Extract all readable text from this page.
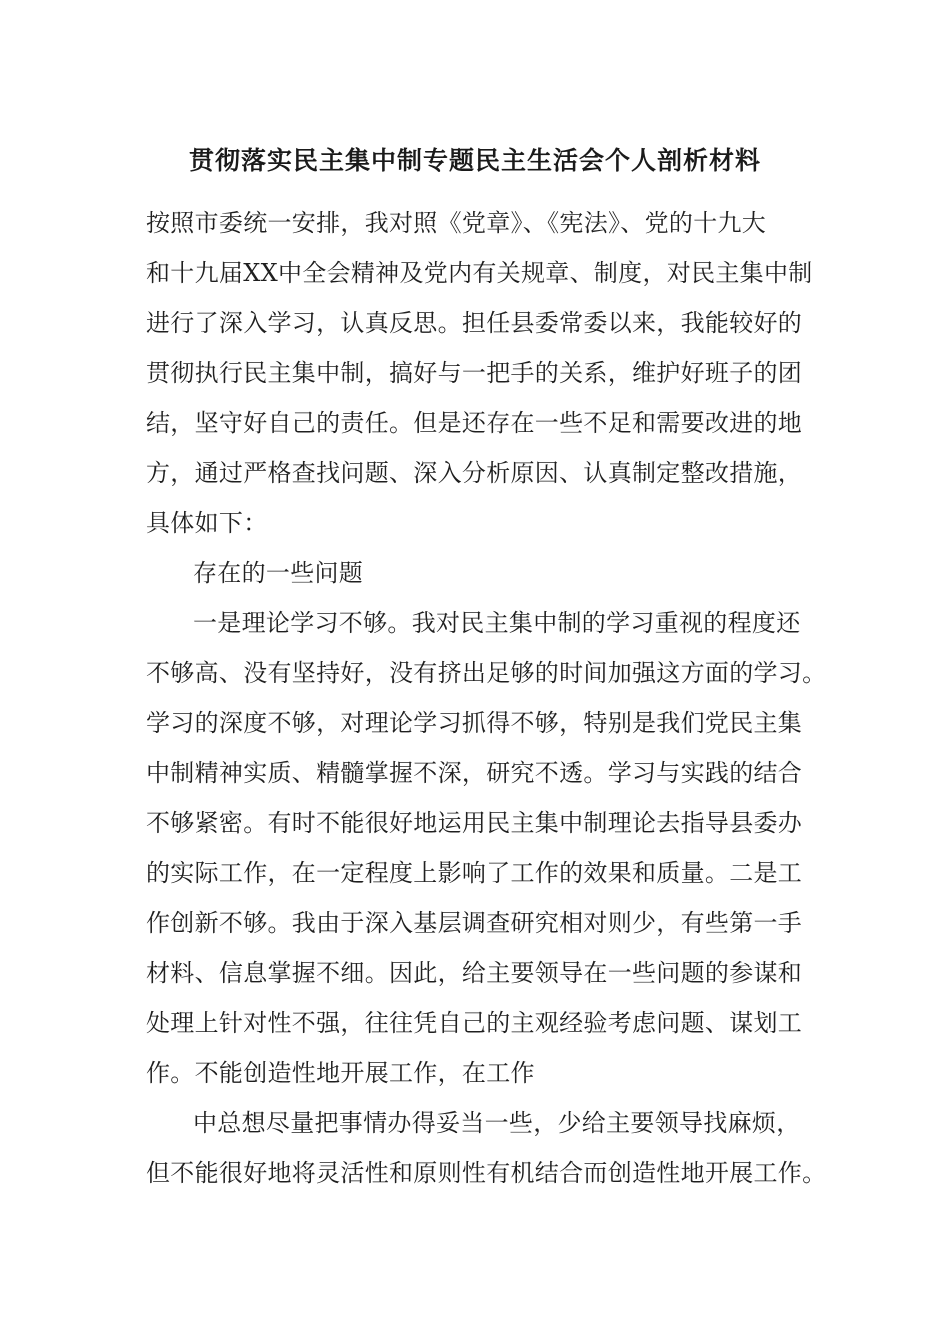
贯彻落实民主集中制专题民主生活会个人剖析材料
按照市委统一安排，我对照《党章》、《宪法》、党的十九大
和十九届XX中全会精神及党内有关规章、制度，对民主集中制
进行了深入学习，认真反思。担任县委常委以来，我能较好的
贯彻执行民主集中制，搞好与一把手的关系，维护好班子的团
结，坚守好自己的责任。但是还存在一些不足和需要改进的地
方，通过严格查找问题、深入分析原因、认真制定整改措施，
具体如下：
存在的一些问题
一是理论学习不够。我对民主集中制的学习重视的程度还
不够高、没有坚持好，没有挤出足够的时间加强这方面的学习。
学习的深度不够，对理论学习抓得不够，特别是我们党民主集
中制精神实质、精髓掌握不深，研究不透。学习与实践的结合
不够紧密。有时不能很好地运用民主集中制理论去指导县委办
的实际工作，在一定程度上影响了工作的效果和质量。二是工
作创新不够。我由于深入基层调查研究相对则少，有些第一手
材料、信息掌握不细。因此，给主要领导在一些问题的参谋和
处理上针对性不强，往往凭自己的主观经验考虑问题、谋划工
作。不能创造性地开展工作，在工作
中总想尽量把事情办得妥当一些，少给主要领导找麻烦，
但不能很好地将灵活性和原则性有机结合而创造性地开展工作。
